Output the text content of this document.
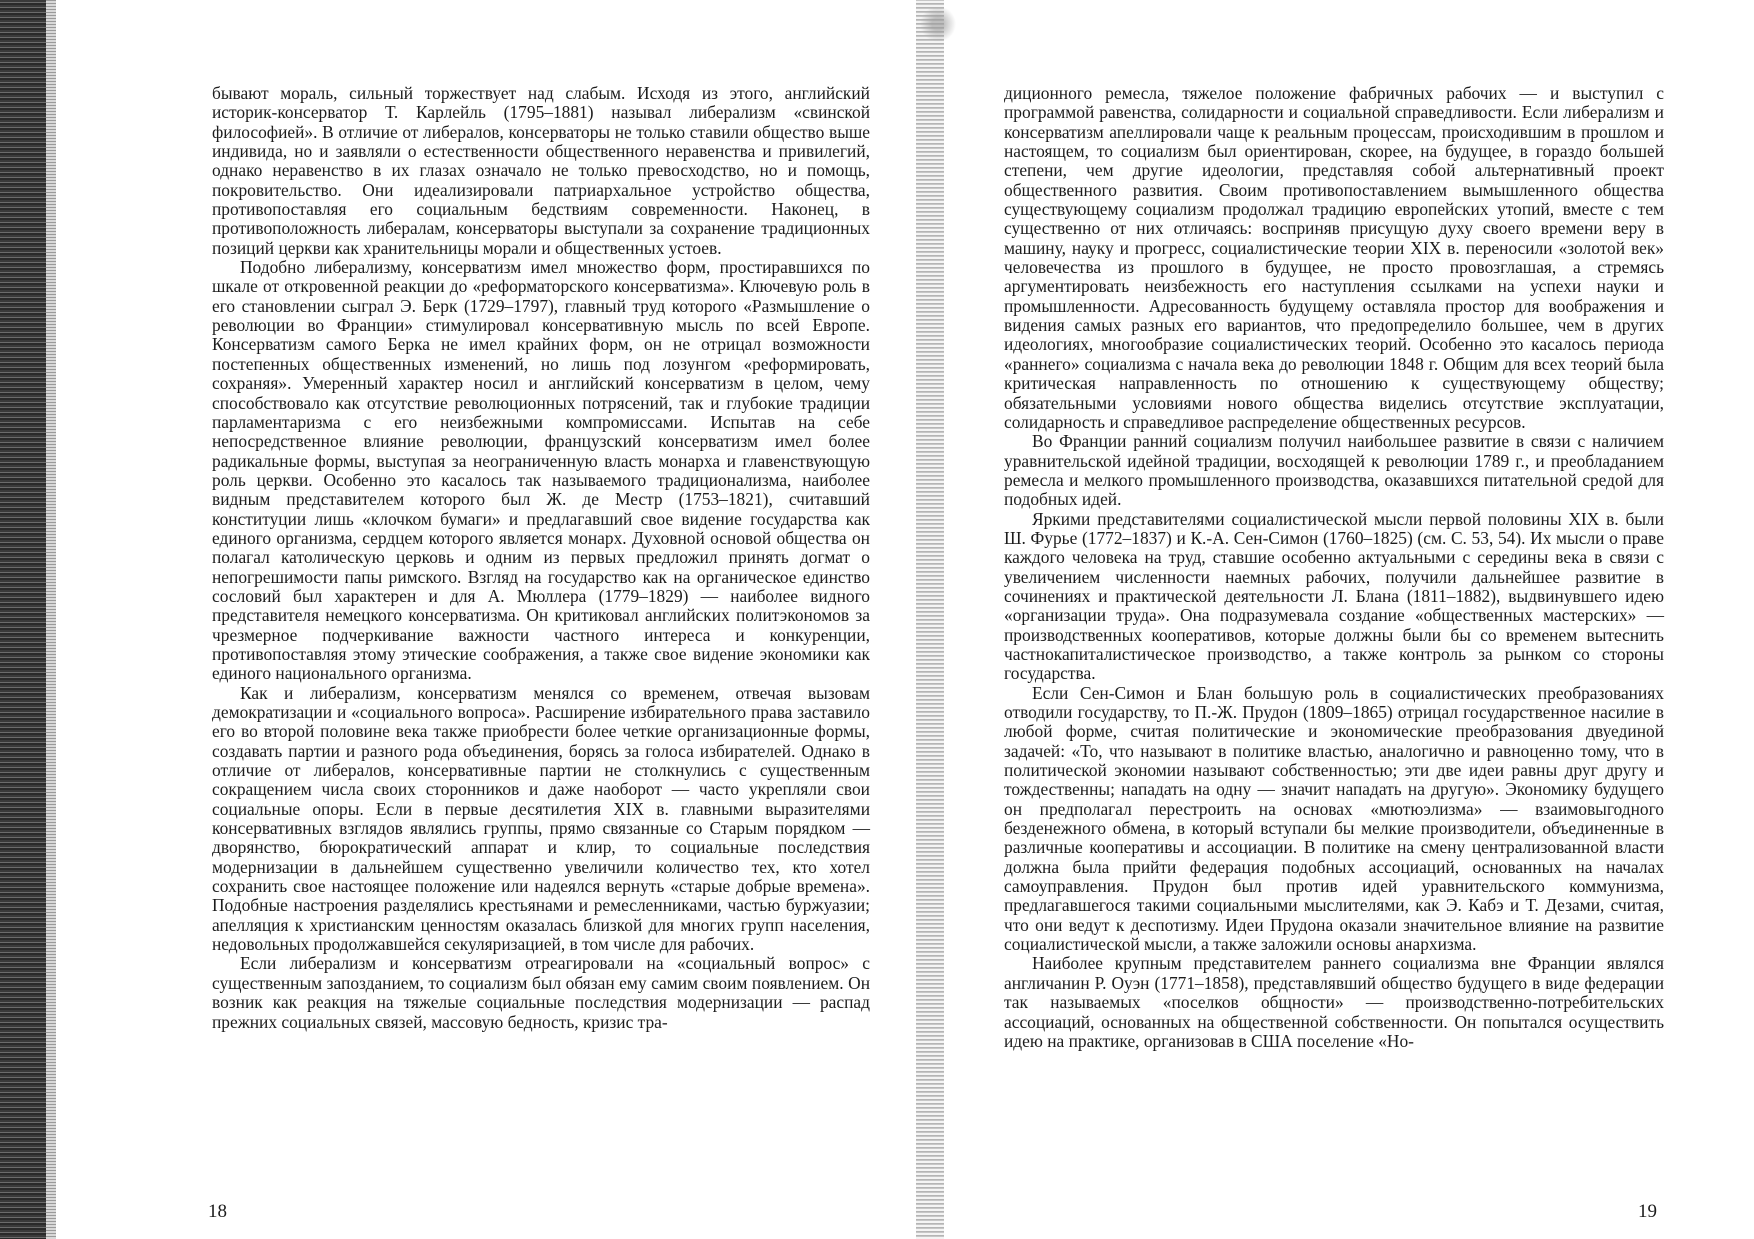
бывают мораль, сильный торжествует над слабым. Исходя из этого, английский историк-консерватор Т. Карлейль (1795–1881) называл либерализм «свинской философией». В отличие от либералов, консерваторы не только ставили общество выше индивида, но и заявляли о естественности общественного неравенства и привилегий, однако неравенство в их глазах означало не только превосходство, но и помощь, покровительство. Они идеализировали патриархальное устройство общества, противопоставляя его социальным бедствиям современности. Наконец, в противоположность либералам, консерваторы выступали за сохранение традиционных позиций церкви как хранительницы морали и общественных устоев.

Подобно либерализму, консерватизм имел множество форм, простиравшихся по шкале от откровенной реакции до «реформаторского консерватизма». Ключевую роль в его становлении сыграл Э. Берк (1729–1797), главный труд которого «Размышление о революции во Франции» стимулировал консервативную мысль по всей Европе. Консерватизм самого Берка не имел крайних форм, он не отрицал возможности постепенных общественных изменений, но лишь под лозунгом «реформировать, сохраняя». Умеренный характер носил и английский консерватизм в целом, чему способствовало как отсутствие революционных потрясений, так и глубокие традиции парламентаризма с его неизбежными компромиссами. Испытав на себе непосредственное влияние революции, французский консерватизм имел более радикальные формы, выступая за неограниченную власть монарха и главенствующую роль церкви. Особенно это касалось так называемого традиционализма, наиболее видным представителем которого был Ж. де Местр (1753–1821), считавший конституции лишь «клочком бумаги» и предлагавший свое видение государства как единого организма, сердцем которого является монарх. Духовной основой общества он полагал католическую церковь и одним из первых предложил принять догмат о непогрешимости папы римского. Взгляд на государство как на органическое единство сословий был характерен и для А. Мюллера (1779–1829) — наиболее видного представителя немецкого консерватизма. Он критиковал английских политэкономов за чрезмерное подчеркивание важности частного интереса и конкуренции, противопоставляя этому этические соображения, а также свое видение экономики как единого национального организма.

Как и либерализм, консерватизм менялся со временем, отвечая вызовам демократизации и «социального вопроса». Расширение избирательного права заставило его во второй половине века также приобрести более четкие организационные формы, создавать партии и разного рода объединения, борясь за голоса избирателей. Однако в отличие от либералов, консервативные партии не столкнулись с существенным сокращением числа своих сторонников и даже наоборот — часто укрепляли свои социальные опоры. Если в первые десятилетия XIX в. главными выразителями консервативных взглядов являлись группы, прямо связанные со Старым порядком — дворянство, бюрократический аппарат и клир, то социальные последствия модернизации в дальнейшем существенно увеличили количество тех, кто хотел сохранить свое настоящее положение или надеялся вернуть «старые добрые времена». Подобные настроения разделялись крестьянами и ремесленниками, частью буржуазии; апелляция к христианским ценностям оказалась близкой для многих групп населения, недовольных продолжавшейся секуляризацией, в том числе для рабочих.

Если либерализм и консерватизм отреагировали на «социальный вопрос» с существенным запозданием, то социализм был обязан ему самим своим появлением. Он возник как реакция на тяжелые социальные последствия модернизации — распад прежних социальных связей, массовую бедность, кризис тра-

18

диционного ремесла, тяжелое положение фабричных рабочих — и выступил с программой равенства, солидарности и социальной справедливости. Если либерализм и консерватизм апеллировали чаще к реальным процессам, происходившим в прошлом и настоящем, то социализм был ориентирован, скорее, на будущее, в гораздо большей степени, чем другие идеологии, представляя собой альтернативный проект общественного развития. Своим противопоставлением вымышленного общества существующему социализм продолжал традицию европейских утопий, вместе с тем существенно от них отличаясь: восприняв присущую духу своего времени веру в машину, науку и прогресс, социалистические теории XIX в. переносили «золотой век» человечества из прошлого в будущее, не просто провозглашая, а стремясь аргументировать неизбежность его наступления ссылками на успехи науки и промышленности. Адресованность будущему оставляла простор для воображения и видения самых разных его вариантов, что предопределило большее, чем в других идеологиях, многообразие социалистических теорий. Особенно это касалось периода «раннего» социализма с начала века до революции 1848 г. Общим для всех теорий была критическая направленность по отношению к существующему обществу; обязательными условиями нового общества виделись отсутствие эксплуатации, солидарность и справедливое распределение общественных ресурсов.

Во Франции ранний социализм получил наибольшее развитие в связи с наличием уравнительской идейной традиции, восходящей к революции 1789 г., и преобладанием ремесла и мелкого промышленного производства, оказавшихся питательной средой для подобных идей.

Яркими представителями социалистической мысли первой половины XIX в. были Ш. Фурье (1772–1837) и К.-А. Сен-Симон (1760–1825) (см. С. 53, 54). Их мысли о праве каждого человека на труд, ставшие особенно актуальными с середины века в связи с увеличением численности наемных рабочих, получили дальнейшее развитие в сочинениях и практической деятельности Л. Блана (1811–1882), выдвинувшего идею «организации труда». Она подразумевала создание «общественных мастерских» — производственных кооперативов, которые должны были бы со временем вытеснить частнокапиталистическое производство, а также контроль за рынком со стороны государства.

Если Сен-Симон и Блан большую роль в социалистических преобразованиях отводили государству, то П.-Ж. Прудон (1809–1865) отрицал государственное насилие в любой форме, считая политические и экономические преобразования двуединой задачей: «То, что называют в политике властью, аналогично и равноценно тому, что в политической экономии называют собственностью; эти две идеи равны друг другу и тождественны; нападать на одну — значит нападать на другую». Экономику будущего он предполагал перестроить на основах «мютюэлизма» — взаимовыгодного безденежного обмена, в который вступали бы мелкие производители, объединенные в различные кооперативы и ассоциации. В политике на смену централизованной власти должна была прийти федерация подобных ассоциаций, основанных на началах самоуправления. Прудон был против идей уравнительского коммунизма, предлагавшегося такими социальными мыслителями, как Э. Кабэ и Т. Дезами, считая, что они ведут к деспотизму. Идеи Прудона оказали значительное влияние на развитие социалистической мысли, а также заложили основы анархизма.

Наиболее крупным представителем раннего социализма вне Франции являлся англичанин Р. Оуэн (1771–1858), представлявший общество будущего в виде федерации так называемых «поселков общности» — производственно-потребительских ассоциаций, основанных на общественной собственности. Он попытался осуществить идею на практике, организовав в США поселение «Но-

19
